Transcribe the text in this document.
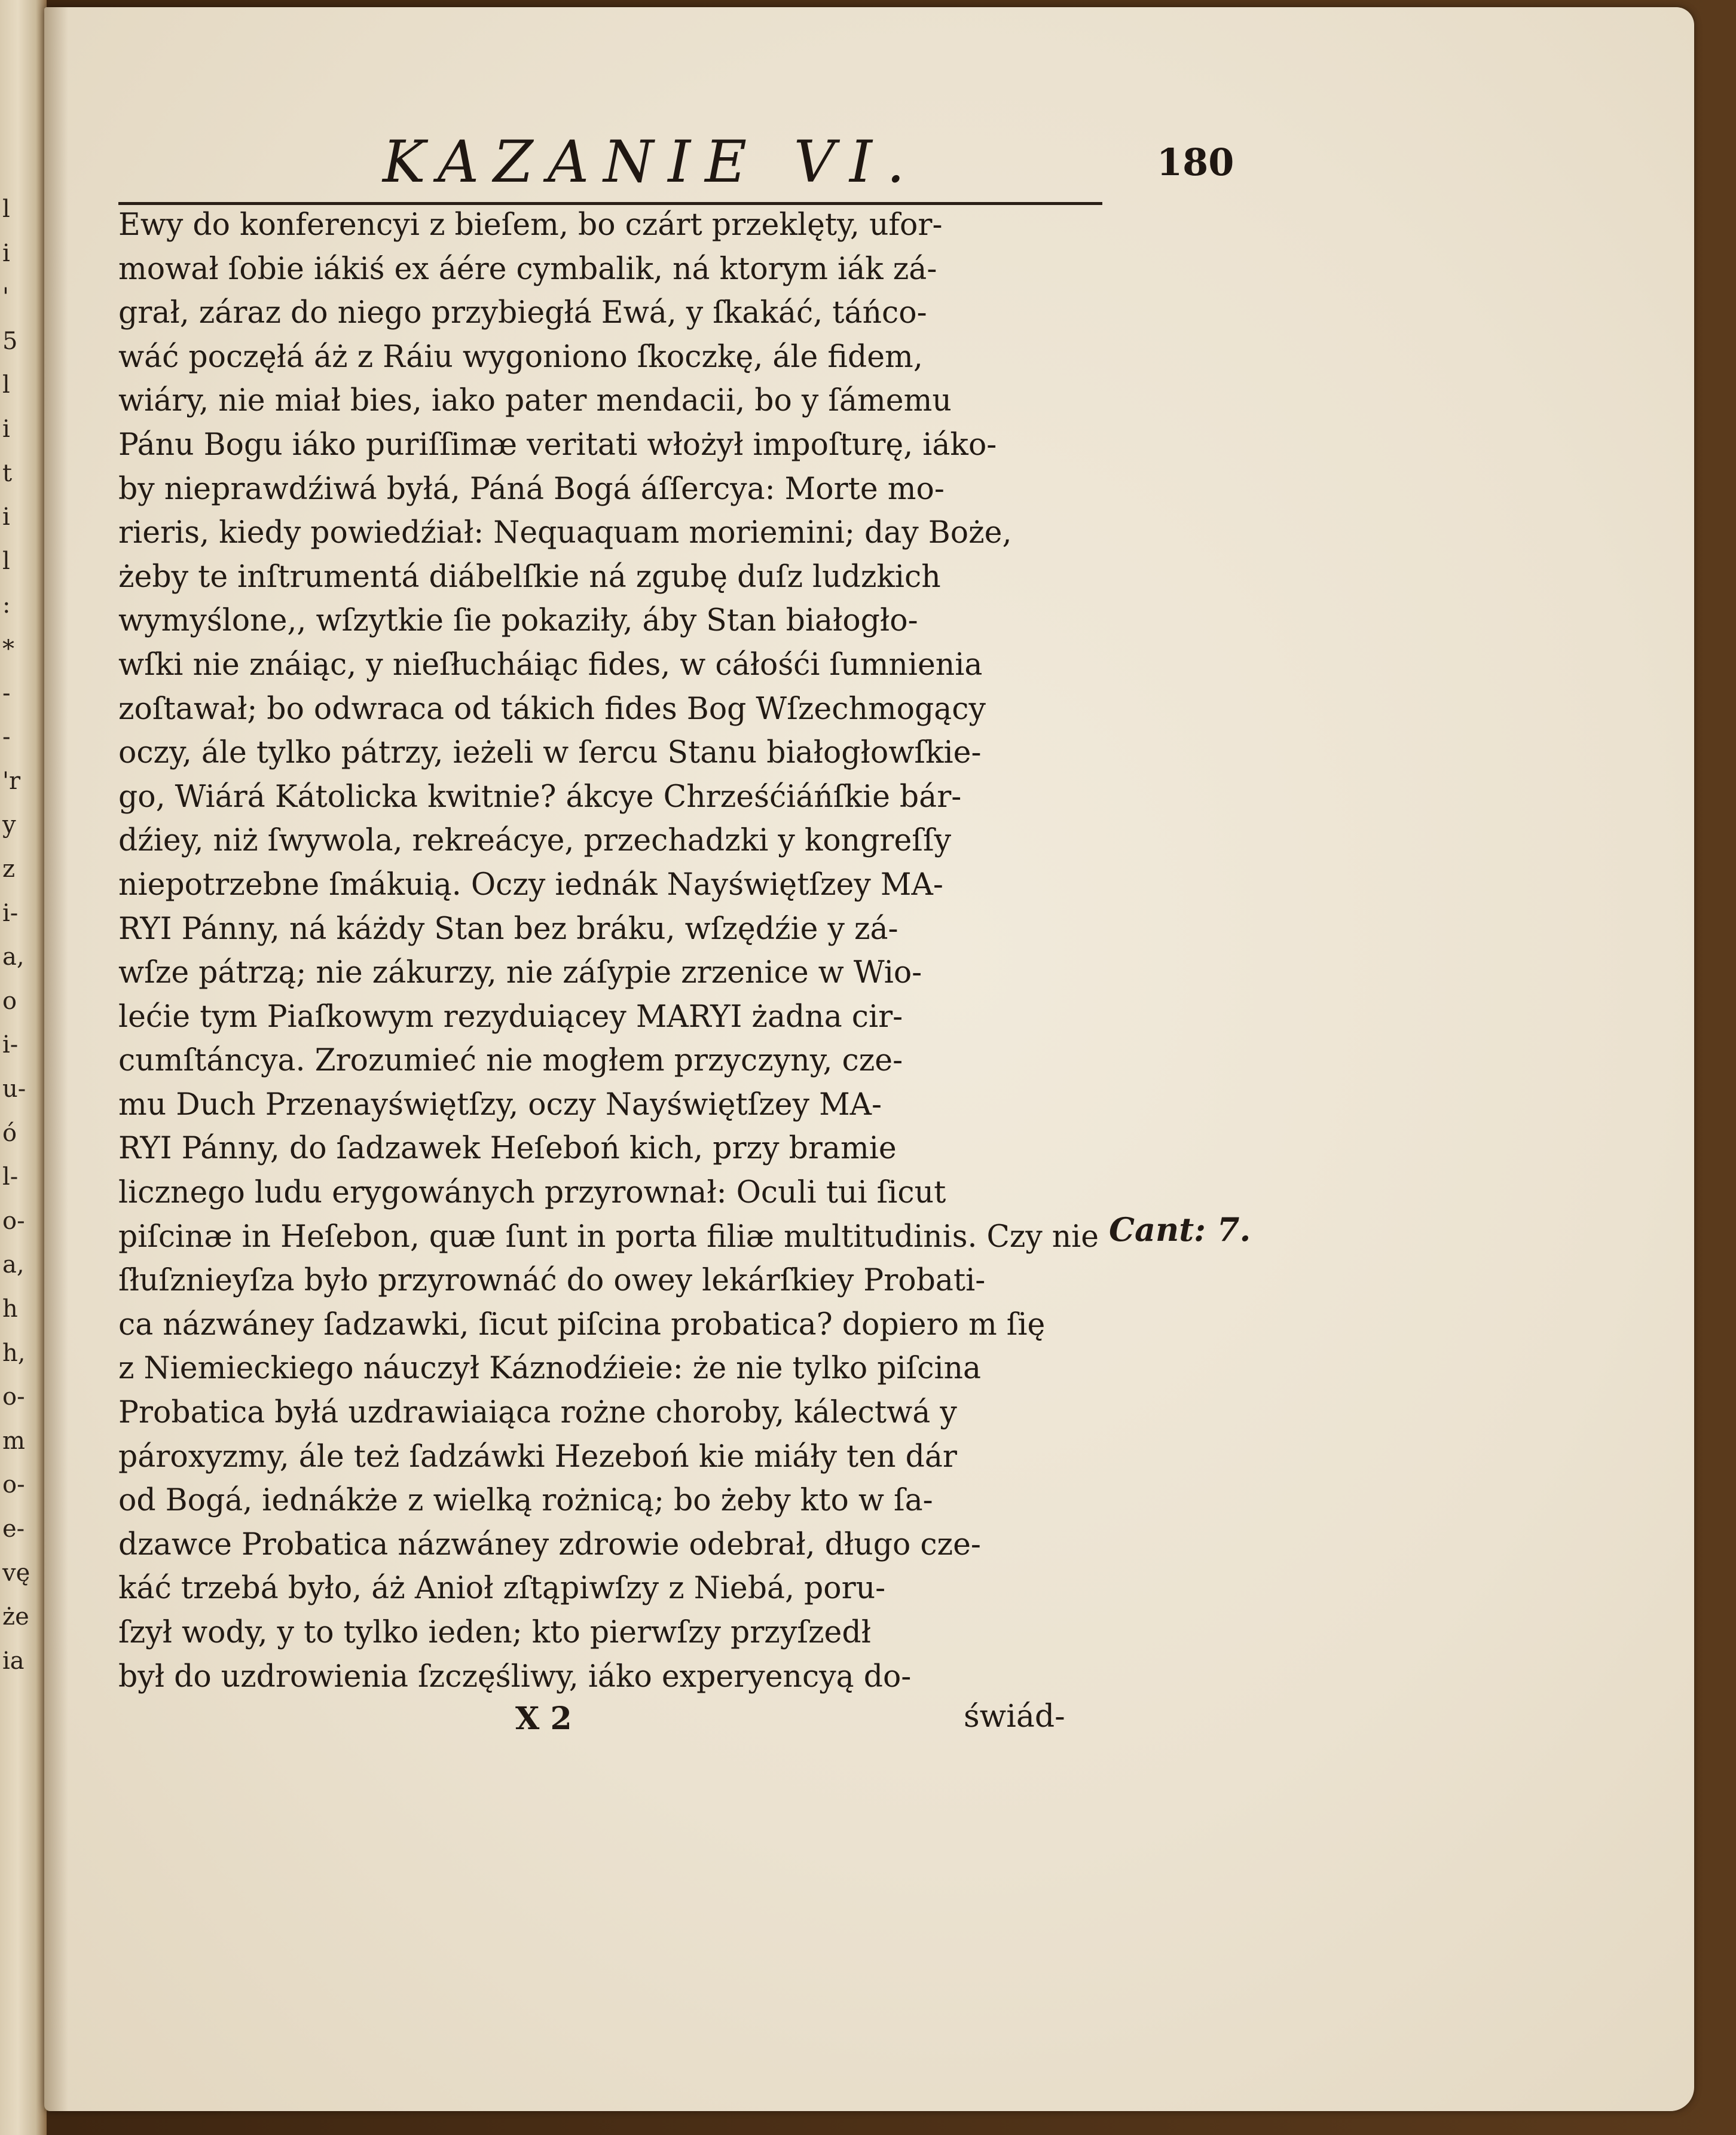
l
i
'
5
l
i
t
i
l
:
*
-
-
'r
y
z
i-
a,
o
i-
u-
ó
l-
o-
a,
h
h,
o-
m
o-
e-
vę
że
ia
KAZANIE VI.	180
Ewy do konferencyi z bieſem, bo czárt przeklęty, ufor-
mował ſobie iákiś ex áére cymbalik, ná ktorym iák zá-
grał, záraz do niego przybiegłá Ewá, y ſkakáć, táńco-
wáć poczęłá áż z Ráiu wygoniono ſkoczkę, ále fidem,
wiáry, nie miał bies, iako pater mendacii, bo y ſámemu
Pánu Bogu iáko puriſſimæ veritati włożył impoſturę, iáko-
by nieprawdźiwá byłá, Páná Bogá áſſercya: Morte mo-
rieris, kiedy powiedźiał: Nequaquam moriemini; day Boże,
żeby te inſtrumentá diábelſkie ná zgubę duſz ludzkich
wymyślone,, wſzytkie ſie pokaziły, áby Stan białogło-
wſki nie znáiąc, y nieſłucháiąc fides, w cáłośći ſumnienia
zoſtawał; bo odwraca od tákich fides Bog Wſzechmogący
oczy, ále tylko pátrzy, ieżeli w ſercu Stanu białogłowſkie-
go, Wiárá Kátolicka kwitnie? ákcye Chrześćiáńſkie bár-
dźiey, niż ſwywola, rekreácye, przechadzki y kongreſſy
niepotrzebne ſmákuią. Oczy iednák Nayświętſzey MA-
RYI Pánny, ná káżdy Stan bez bráku, wſzędźie y zá-
wſze pátrzą; nie zákurzy, nie záſypie zrzenice w Wio-
lećie tym Piaſkowym rezyduiącey MARYI żadna cir-
cumſtáncya. Zrozumieć nie mogłem przyczyny, cze-
mu Duch Przenayświętſzy, oczy Nayświętſzey MA-
RYI Pánny, do ſadzawek Heſeboń kich, przy bramie
licznego ludu erygowánych przyrownał: Oculi tui ſicut
piſcinæ in Heſebon, quæ ſunt in porta filiæ multitudinis. Czy nie
ſłuſznieyſza było przyrownáć do owey lekárſkiey Probati-
ca názwáney ſadzawki, ſicut piſcina probatica? dopiero m ſię
z Niemieckiego náuczył Káznodźieie: że nie tylko piſcina
Probatica byłá uzdrawiaiąca rożne choroby, kálectwá y
pároxyzmy, ále też ſadzáwki Hezeboń kie miáły ten dár
od Bogá, iednákże z wielką rożnicą; bo żeby kto w ſa-
dzawce Probatica názwáney zdrowie odebrał, długo cze-
káć trzebá było, áż Anioł zſtąpiwſzy z Niebá, poru-
ſzył wody, y to tylko ieden; kto pierwſzy przyſzedł
był do uzdrowienia ſzczęśliwy, iáko experyencyą do-
Cant: 7.
X 2	świád-
